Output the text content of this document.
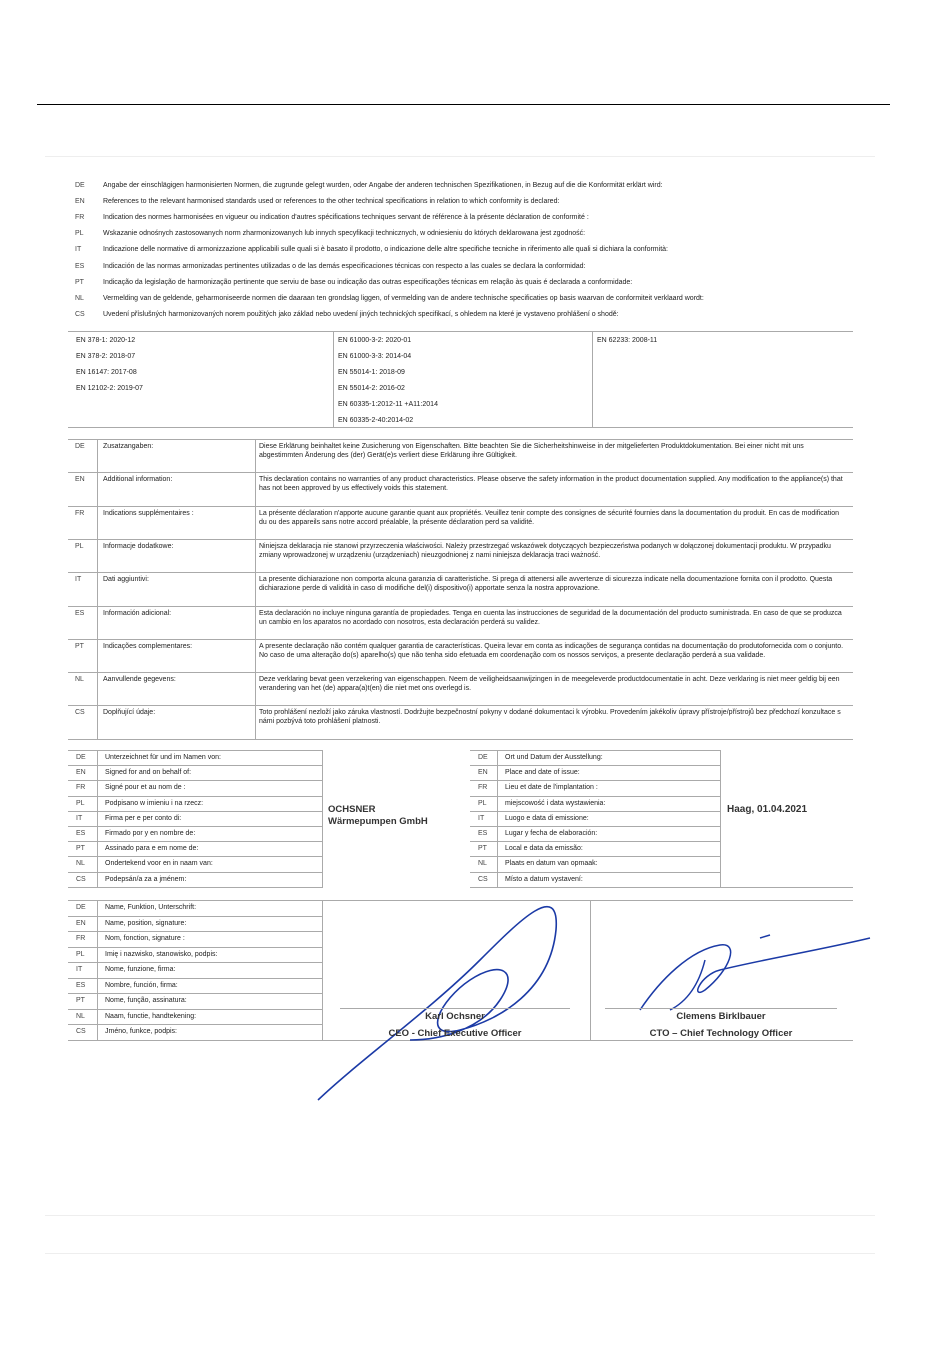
DE	Angabe der einschlägigen harmonisierten Normen, die zugrunde gelegt wurden, oder Angabe der anderen technischen Spezifikationen, in Bezug auf die die Konformität erklärt wird:
EN	References to the relevant harmonised standards used or references to the other technical specifications in relation to which conformity is declared:
FR	Indication des normes harmonisées en vigueur ou indication d'autres spécifications techniques servant de référence à la présente déclaration de conformité :
PL	Wskazanie odnośnych zastosowanych norm zharmonizowanych lub innych specyfikacji technicznych, w odniesieniu do których deklarowana jest zgodność:
IT	Indicazione delle normative di armonizzazione applicabili sulle quali si è basato il prodotto, o indicazione delle altre specifiche tecniche in riferimento alle quali si dichiara la conformità:
ES	Indicación de las normas armonizadas pertinentes utilizadas o de las demás especificaciones técnicas con respecto a las cuales se declara la conformidad:
PT	Indicação da legislação de harmonização pertinente que serviu de base ou indicação das outras especificações técnicas em relação às quais é declarada a conformidade:
NL	Vermelding van de geldende, geharmoniseerde normen die daaraan ten grondslag liggen, of vermelding van de andere technische specificaties op basis waarvan de conformiteit verklaard wordt:
CS	Uvedení příslušných harmonizovaných norem použitých jako základ nebo uvedení jiných technických specifikací, s ohledem na které je vystaveno prohlášení o shodě:
EN 378-1: 2020-12
EN 378-2: 2018-07
EN 16147: 2017-08
EN 12102-2: 2019-07
EN 61000-3-2: 2020-01
EN 61000-3-3: 2014-04
EN 55014-1: 2018-09
EN 55014-2: 2016-02
EN 60335-1:2012-11 +A11:2014
EN 60335-2-40:2014-02
EN 62233: 2008-11
DE	Zusatzangaben:	Diese Erklärung beinhaltet keine Zusicherung von Eigenschaften. Bitte beachten Sie die Sicherheitshinweise in der mitgelieferten Produktdokumentation. Bei einer nicht mit uns abgestimmten Änderung des (der) Gerät(e)s verliert diese Erklärung ihre Gültigkeit.
EN	Additional information:	This declaration contains no warranties of any product characteristics. Please observe the safety information in the product documentation supplied. Any modification to the appliance(s) that has not been approved by us effectively voids this statement.
FR	Indications supplémentaires :	La présente déclaration n'apporte aucune garantie quant aux propriétés. Veuillez tenir compte des consignes de sécurité fournies dans la documentation du produit. En cas de modification du ou des appareils sans notre accord préalable, la présente déclaration perd sa validité.
PL	Informacje dodatkowe:	Niniejsza deklaracja nie stanowi przyrzeczenia właściwości. Należy przestrzegać wskazówek dotyczących bezpieczeństwa podanych w dołączonej dokumentacji produktu. W przypadku zmiany wprowadzonej w urządzeniu (urządzeniach) nieuzgodnionej z nami niniejsza deklaracja traci ważność.
IT	Dati aggiuntivi:	La presente dichiarazione non comporta alcuna garanzia di caratteristiche. Si prega di attenersi alle avvertenze di sicurezza indicate nella documentazione fornita con il prodotto. Questa dichiarazione perde di validità in caso di modifiche del(i) dispositivo(i) apportate senza la nostra approvazione.
ES	Información adicional:	Esta declaración no incluye ninguna garantía de propiedades. Tenga en cuenta las instrucciones de seguridad de la documentación del producto suministrada. En caso de que se produzca un cambio en los aparatos no acordado con nosotros, esta declaración perderá su validez.
PT	Indicações complementares:	A presente declaração não contém qualquer garantia de características. Queira levar em conta as indicações de segurança contidas na documentação do produtofornecida com o conjunto. No caso de uma alteração do(s) aparelho(s) que não tenha sido efetuada em coordenação com os nossos serviços, a presente declaração perderá a sua validade.
NL	Aanvullende gegevens:	Deze verklaring bevat geen verzekering van eigenschappen. Neem de veiligheidsaanwijzingen in de meegeleverde productdocumentatie in acht. Deze verklaring is niet meer geldig bij een verandering van het (de) appara(a)t(en) die niet met ons overlegd is.
CS	Doplňující údaje:	Toto prohlášení nezloží jako záruka vlastností. Dodržujte bezpečnostní pokyny v dodané dokumentaci k výrobku. Provedením jakékoliv úpravy přístroje/přístrojů bez předchozí konzultace s námi pozbývá toto prohlášení platnosti.
DE	Unterzeichnet für und im Namen von:
EN	Signed for and on behalf of:
FR	Signé pour et au nom de :
PL	Podpisano w imieniu i na rzecz:
IT	Firma per e per conto di:
ES	Firmado por y en nombre de:
PT	Assinado para e em nome de:
NL	Ondertekend voor en in naam van:
CS	Podepsán/a za a jménem:
OCHSNER
Wärmepumpen GmbH
DE Ort und Datum der Ausstellung:
EN Place and date of issue:
FR	Lieu et date de l'implantation :
PL	miejscowość i data wystawienia:
IT	Luogo e data di emissione:
ES	Lugar y fecha de elaboración:
PT	Local e data da emissão:
NL	Plaats en datum van opmaak:
CS Místo a datum vystavení:
Haag, 01.04.2021
DE	Name, Funktion, Unterschrift:
EN	Name, position, signature:
FR	Nom, fonction, signature :
PL	Imię i nazwisko, stanowisko, podpis:
IT	Nome, funzione, firma:
ES	Nombre, función, firma:
PT	Nome, função, assinatura:
NL	Naam, functie, handtekening:
CS	Jméno, funkce, podpis:
Karl Ochsner
CEO - Chief Executive Officer
Clemens Birklbauer
CTO – Chief Technology Officer
